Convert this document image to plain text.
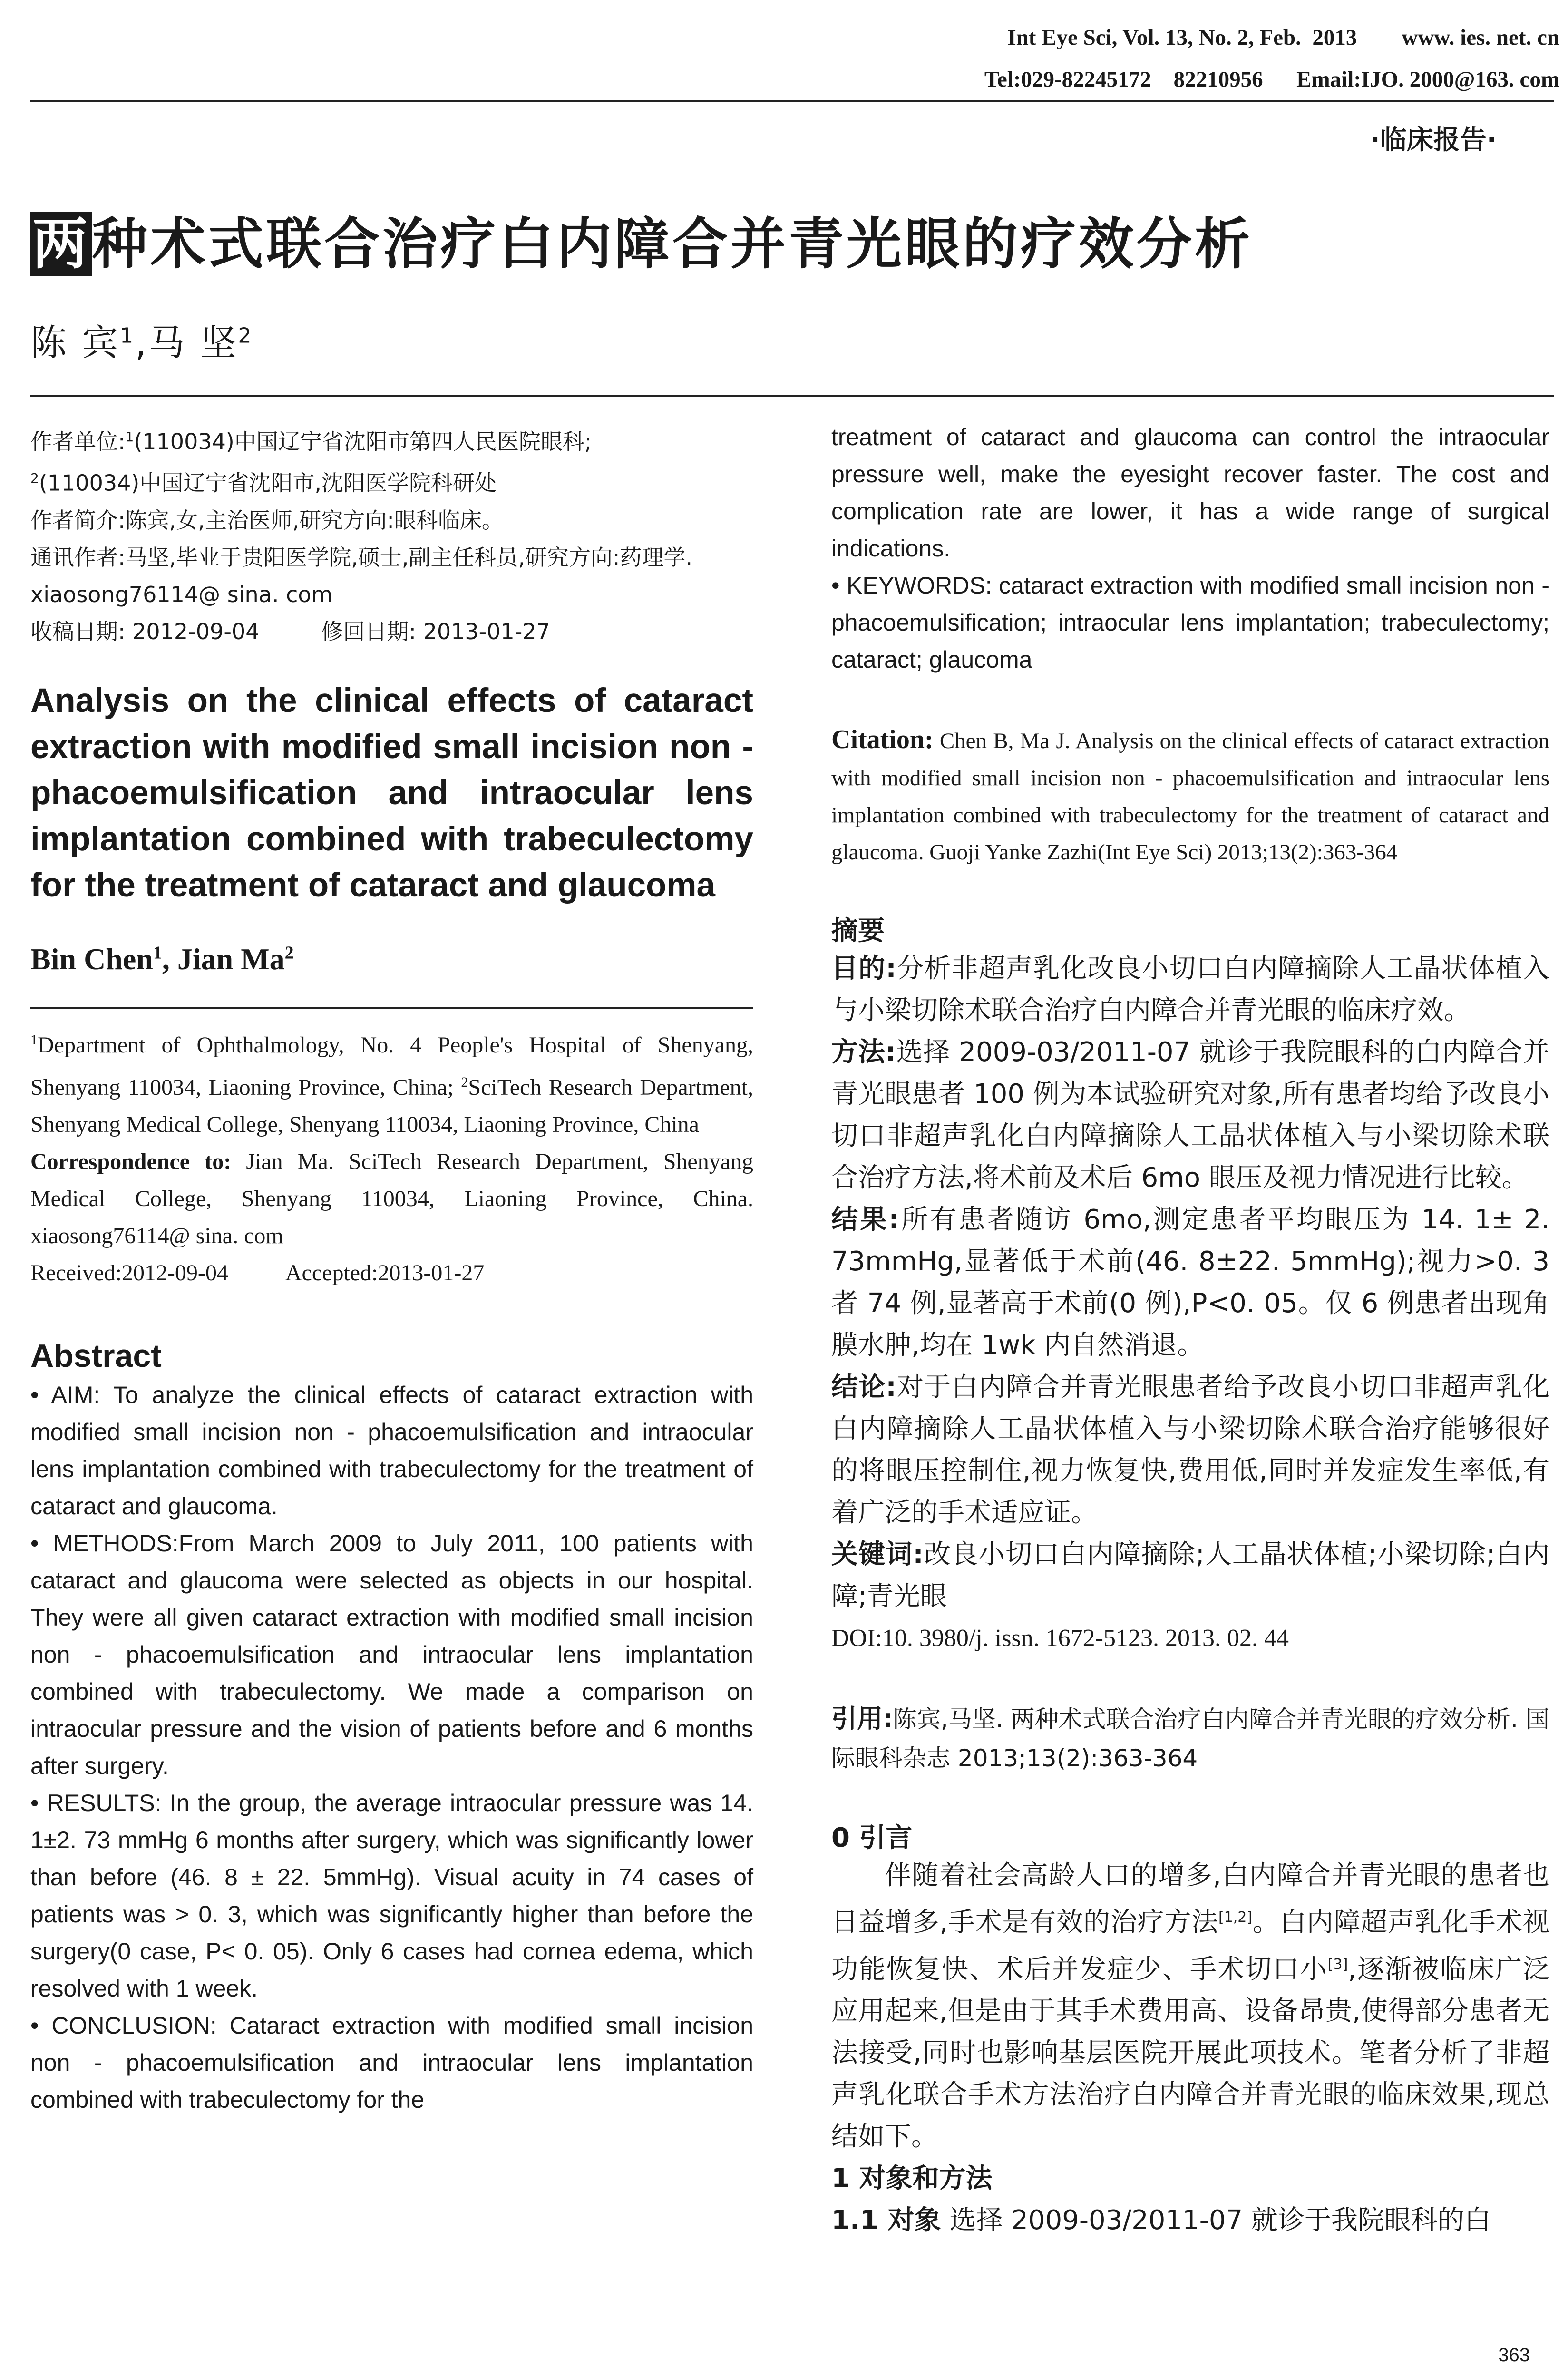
Int Eye Sci, Vol. 13, No. 2, Feb.  2013        www. ies. net. cn
Tel:029-82245172    82210956      Email:IJO. 2000@163. com
·临床报告·
两种术式联合治疗白内障合并青光眼的疗效分析
陈 宾$^1$,马 坚$^2$
作者单位:$^1$(110034)中国辽宁省沈阳市第四人民医院眼科;
$^2$(110034)中国辽宁省沈阳市,沈阳医学院科研处
作者简介:陈宾,女,主治医师,研究方向:眼科临床。
通讯作者:马坚,毕业于贵阳医学院,硕士,副主任科员,研究方向:药理学. xiaosong76114@ sina. com
收稿日期: 2012-09-04	修回日期: 2013-01-27
Analysis on the clinical effects of cataract extraction with modified small incision non - phacoemulsification and intraocular lens implantation combined with trabeculectomy for the treatment of cataract and glaucoma
Bin Chen$^1$, Jian Ma$^2$
$^1$Department of Ophthalmology, No. 4 People's Hospital of Shenyang, Shenyang 110034, Liaoning Province, China; $^2$SciTech Research Department, Shenyang Medical College, Shenyang 110034, Liaoning Province, China
Correspondence to: Jian Ma. SciTech Research Department, Shenyang Medical College, Shenyang 110034, Liaoning Province, China. xiaosong76114@ sina. com
Received:2012-09-04	Accepted:2013-01-27
Abstract

• AIM: To analyze the clinical effects of cataract extraction with modified small incision non - phacoemulsification and intraocular lens implantation combined with trabeculectomy for the treatment of cataract and glaucoma.

• METHODS:From March 2009 to July 2011, 100 patients with cataract and glaucoma were selected as objects in our hospital. They were all given cataract extraction with modified small incision non - phacoemulsification and intraocular lens implantation combined with trabeculectomy. We made a comparison on intraocular pressure and the vision of patients before and 6 months after surgery.

• RESULTS: In the group, the average intraocular pressure was 14. 1±2. 73 mmHg 6 months after surgery, which was significantly lower than before (46. 8 ± 22. 5mmHg). Visual acuity in 74 cases of patients was > 0. 3, which was significantly higher than before the surgery(0 case, P< 0. 05). Only 6 cases had cornea edema, which resolved with 1 week.

• CONCLUSION: Cataract extraction with modified small incision non - phacoemulsification and intraocular lens implantation combined with trabeculectomy for the

treatment of cataract and glaucoma can control the intraocular pressure well, make the eyesight recover faster. The cost and complication rate are lower, it has a wide range of surgical indications.

• KEYWORDS: cataract extraction with modified small incision non - phacoemulsification; intraocular lens implantation; trabeculectomy; cataract; glaucoma

Citation: Chen B, Ma J. Analysis on the clinical effects of cataract extraction with modified small incision non - phacoemulsification and intraocular lens implantation combined with trabeculectomy for the treatment of cataract and glaucoma. Guoji Yanke Zazhi(Int Eye Sci) 2013;13(2):363-364
摘要

目的:分析非超声乳化改良小切口白内障摘除人工晶状体植入与小梁切除术联合治疗白内障合并青光眼的临床疗效。

方法:选择 2009-03/2011-07 就诊于我院眼科的白内障合并青光眼患者 100 例为本试验研究对象,所有患者均给予改良小切口非超声乳化白内障摘除人工晶状体植入与小梁切除术联合治疗方法,将术前及术后 6mo 眼压及视力情况进行比较。

结果:所有患者随访 6mo,测定患者平均眼压为 14. 1± 2. 73mmHg,显著低于术前(46. 8±22. 5mmHg);视力>0. 3 者 74 例,显著高于术前(0 例),P<0. 05。仅 6 例患者出现角膜水肿,均在 1wk 内自然消退。

结论:对于白内障合并青光眼患者给予改良小切口非超声乳化白内障摘除人工晶状体植入与小梁切除术联合治疗能够很好的将眼压控制住,视力恢复快,费用低,同时并发症发生率低,有着广泛的手术适应证。

关键词:改良小切口白内障摘除;人工晶状体植;小梁切除;白内障;青光眼

DOI:10. 3980/j. issn. 1672-5123. 2013. 02. 44
引用:陈宾,马坚. 两种术式联合治疗白内障合并青光眼的疗效分析. 国际眼科杂志 2013;13(2):363-364
0 引言

伴随着社会高龄人口的增多,白内障合并青光眼的患者也日益增多,手术是有效的治疗方法[1,2]。白内障超声乳化手术视功能恢复快、术后并发症少、手术切口小[3],逐渐被临床广泛应用起来,但是由于其手术费用高、设备昂贵,使得部分患者无法接受,同时也影响基层医院开展此项技术。笔者分析了非超声乳化联合手术方法治疗白内障合并青光眼的临床效果,现总结如下。

1 对象和方法
1.1 对象 选择 2009-03/2011-07 就诊于我院眼科的白
363
